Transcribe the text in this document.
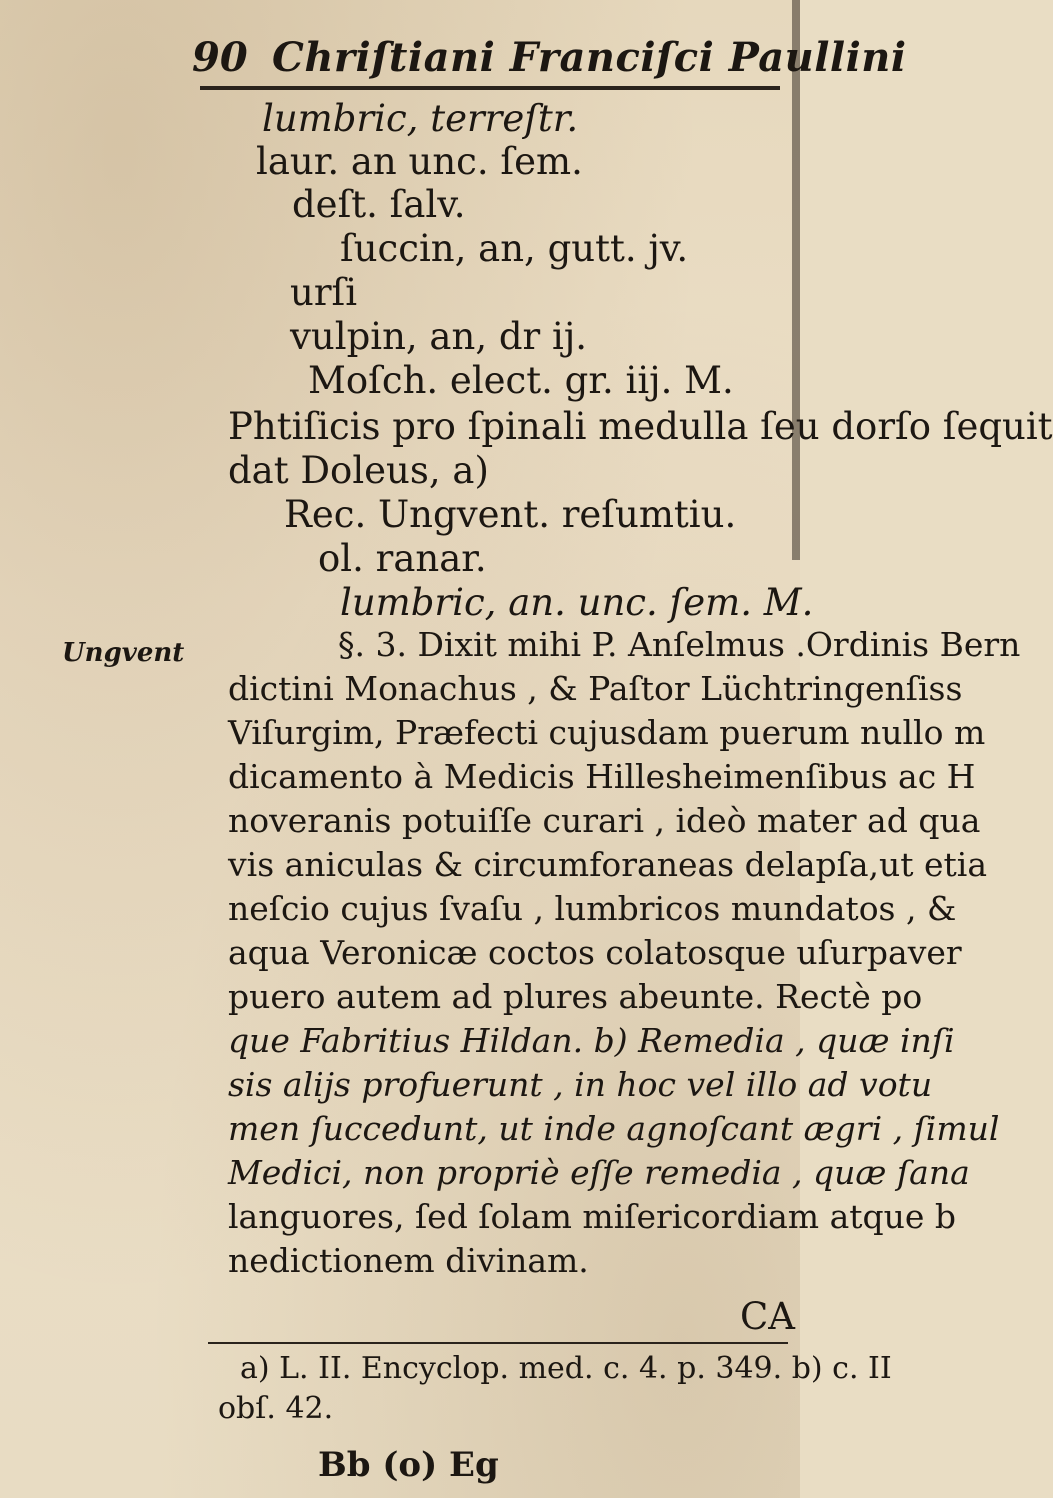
90 Chriſtiani Franciſci Paullini
lumbric, terreſtr.
laur. an unc. ſem.
deſt. ſalv.
ſuccin, an, gutt. jv.
urſi
vulpin, an, dr ij.
Moſch. elect. gr. iij. M.
Phtiſicis pro ſpinali medulla ſeu dorſo ſequit
dat Doleus, a)
Rec. Ungvent. reſumtiu.
ol. ranar.
lumbric, an. unc. ſem. M.
Ungvent	§. 3. Dixit mihi P. Anſelmus .Ordinis Bern
dictini Monachus , & Paſtor Lüchtringenſiss
Viſurgim, Præfecti cujusdam puerum nullo m
dicamento à Medicis Hillesheimenſibus ac H
noveranis potuiſſe curari , ideò mater ad qua
vis aniculas & circumforaneas delapſa,ut etia
neſcio cujus ſvaſu , lumbricos mundatos , &
aqua Veronicæ coctos colatosque uſurpaver
puero autem ad plures abeunte. Rectè po
que Fabritius Hildan. b) Remedia , quæ inſi
sis alijs profuerunt , in hoc vel illo ad votu
men ſuccedunt, ut inde agnoſcant ægri , ſimul
Medici, non propriè eſſe remedia , quæ ſana
languores, ſed ſolam miſericordiam atque b
nedictionem divinam.
CA
a) L. II. Encyclop. med. c. 4. p. 349. b) c. II
obſ. 42.
Bb (o) Eg
